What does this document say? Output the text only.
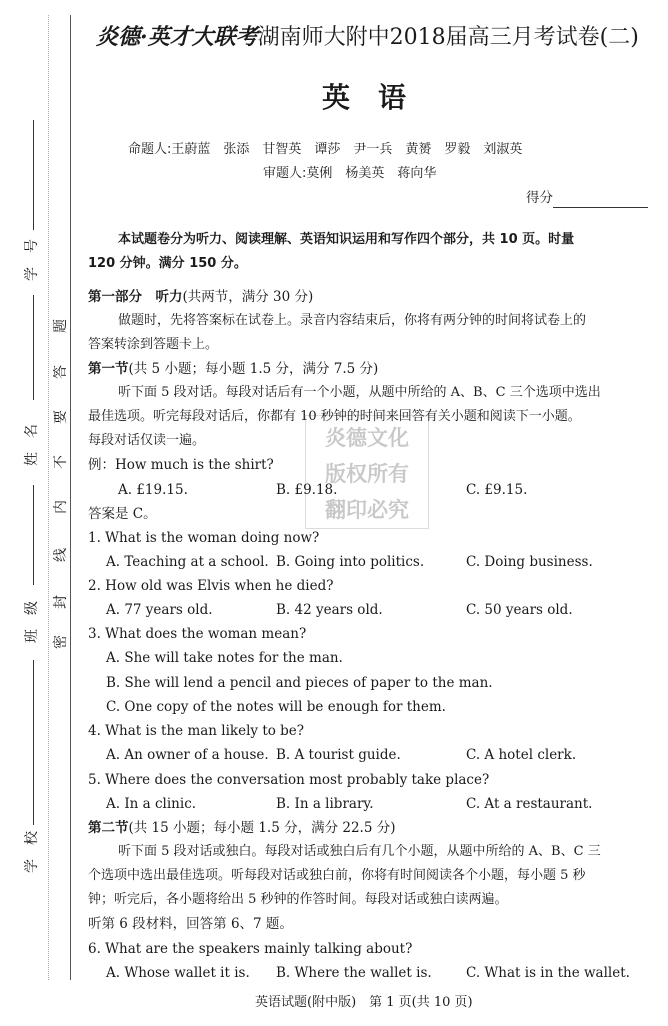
学　号
姓　名
班　级
学　校
题
答
要
不
内
线
封
密
炎德·英才大联考湖南师大附中2018届高三月考试卷(二)
英　语
命题人:王蔚蓝　张添　甘智英　谭莎　尹一兵　黄赟　罗毅　刘淑英
审题人:莫俐　杨美英　蒋向华
得分
炎德文化
版权所有
翻印必究
本试题卷分为听力、阅读理解、英语知识运用和写作四个部分，共 10 页。时量
120 分钟。满分 150 分。
第一部分　听力(共两节，满分 30 分)
做题时，先将答案标在试卷上。录音内容结束后，你将有两分钟的时间将试卷上的
答案转涂到答题卡上。
第一节(共 5 小题；每小题 1.5 分，满分 7.5 分)
听下面 5 段对话。每段对话后有一个小题，从题中所给的 A、B、C 三个选项中选出
最佳选项。听完每段对话后，你都有 10 秒钟的时间来回答有关小题和阅读下一小题。
每段对话仅读一遍。
例：How much is the shirt?
A. £19.15.	B. £9.18.	C. £9.15.
答案是 C。
1. What is the woman doing now?
A. Teaching at a school. B. Going into politics.	C. Doing business.
2. How old was Elvis when he died?
A. 77 years old.	B. 42 years old.	C. 50 years old.
3. What does the woman mean?
A. She will take notes for the man.
B. She will lend a pencil and pieces of paper to the man.
C. One copy of the notes will be enough for them.
4. What is the man likely to be?
A. An owner of a house. B. A tourist guide.	C. A hotel clerk.
5. Where does the conversation most probably take place?
A. In a clinic.	B. In a library.	C. At a restaurant.
第二节(共 15 小题；每小题 1.5 分，满分 22.5 分)
听下面 5 段对话或独白。每段对话或独白后有几个小题，从题中所给的 A、B、C 三
个选项中选出最佳选项。听每段对话或独白前，你将有时间阅读各个小题，每小题 5 秒
钟；听完后，各小题将给出 5 秒钟的作答时间。每段对话或独白读两遍。
听第 6 段材料，回答第 6、7 题。
6. What are the speakers mainly talking about?
A. Whose wallet it is.	B. Where the wallet is.	C. What is in the wallet.
英语试题(附中版)　第 1 页(共 10 页)
